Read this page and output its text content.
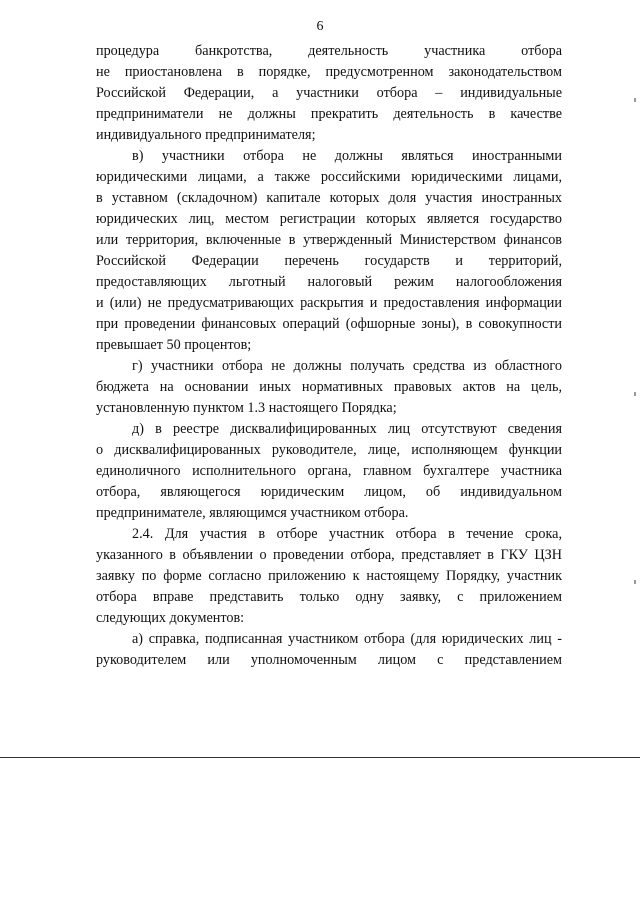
6
процедура банкротства, деятельность участника отбора
не приостановлена в порядке, предусмотренном законодательством
Российской Федерации, а участники отбора – индивидуальные
предприниматели не должны прекратить деятельность в качестве
индивидуального предпринимателя;
в) участники отбора не должны являться иностранными
юридическими лицами, а также российскими юридическими лицами,
в уставном (складочном) капитале которых доля участия иностранных
юридических лиц, местом регистрации которых является государство
или территория, включенные в утвержденный Министерством финансов
Российской Федерации перечень государств и территорий,
предоставляющих льготный налоговый режим налогообложения
и (или) не предусматривающих раскрытия и предоставления информации
при проведении финансовых операций (офшорные зоны), в совокупности
превышает 50 процентов;
г) участники отбора не должны получать средства из областного
бюджета на основании иных нормативных правовых актов на цель,
установленную пунктом 1.3 настоящего Порядка;
д) в реестре дисквалифицированных лиц отсутствуют сведения
о дисквалифицированных руководителе, лице, исполняющем функции
единоличного исполнительного органа, главном бухгалтере участника
отбора, являющегося юридическим лицом, об индивидуальном
предпринимателе, являющимся участником отбора.
2.4. Для участия в отборе участник отбора в течение срока,
указанного в объявлении о проведении отбора, представляет в ГКУ ЦЗН
заявку по форме согласно приложению к настоящему Порядку, участник
отбора вправе представить только одну заявку, с приложением
следующих документов:
а) справка, подписанная участником отбора (для юридических лиц -
руководителем или уполномоченным лицом с представлением
